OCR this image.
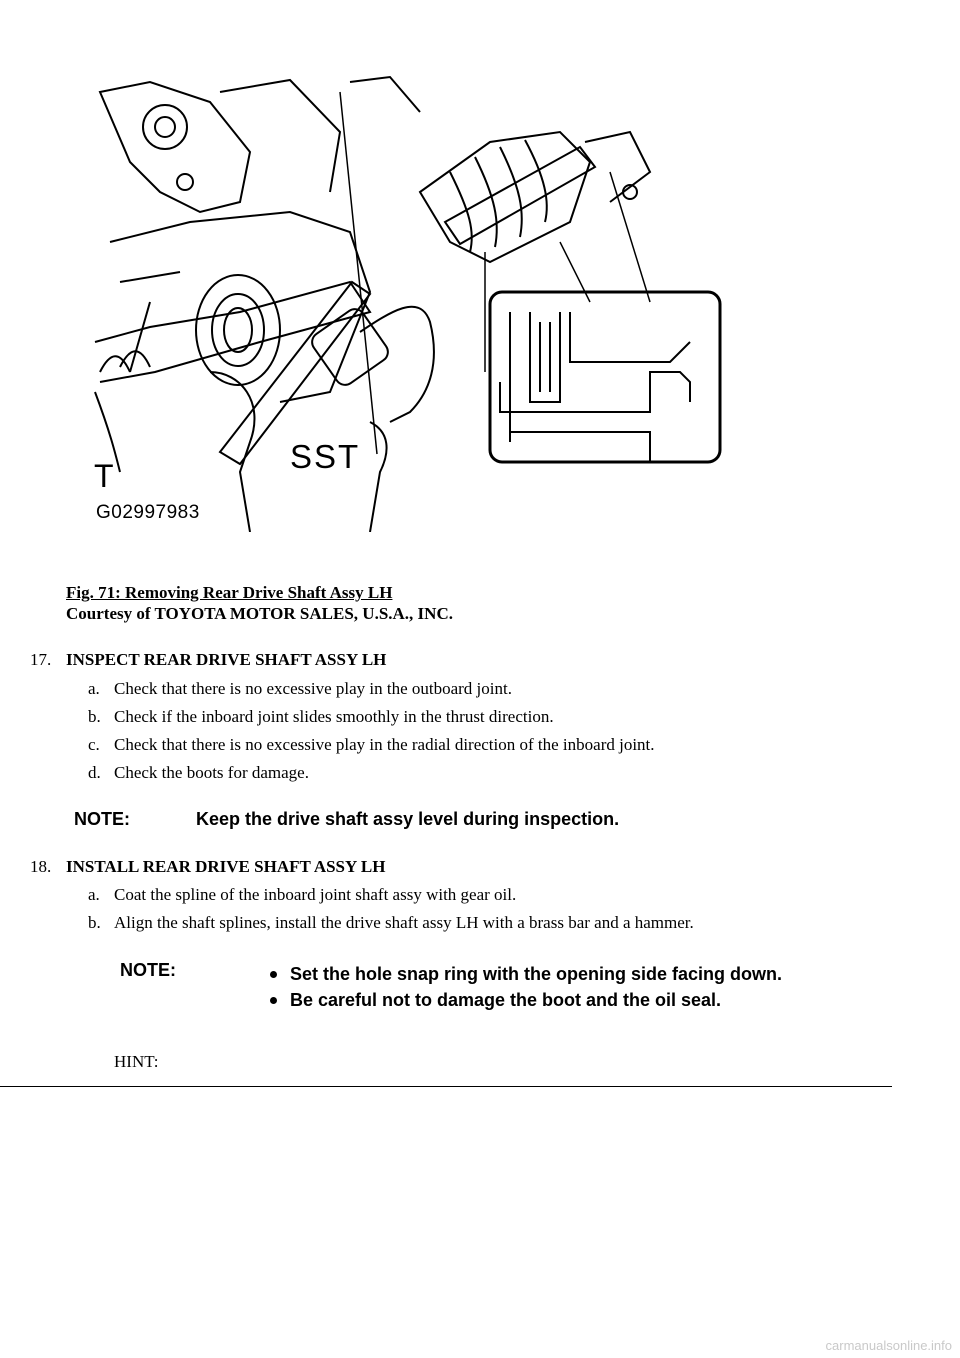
SST
T
G02997983
Fig. 71: Removing Rear Drive Shaft Assy LH
Courtesy of TOYOTA MOTOR SALES, U.S.A., INC.
17. INSPECT REAR DRIVE SHAFT ASSY LH
a. Check that there is no excessive play in the outboard joint.
b. Check if the inboard joint slides smoothly in the thrust direction.
c. Check that there is no excessive play in the radial direction of the inboard joint.
d. Check the boots for damage.
NOTE:	Keep the drive shaft assy level during inspection.
18. INSTALL REAR DRIVE SHAFT ASSY LH
a. Coat the spline of the inboard joint shaft assy with gear oil.
b. Align the shaft splines, install the drive shaft assy LH with a brass bar and a hammer.
NOTE:	Set the hole snap ring with the opening side facing down.
Be careful not to damage the boot and the oil seal.
HINT:
carmanualsonline.info
